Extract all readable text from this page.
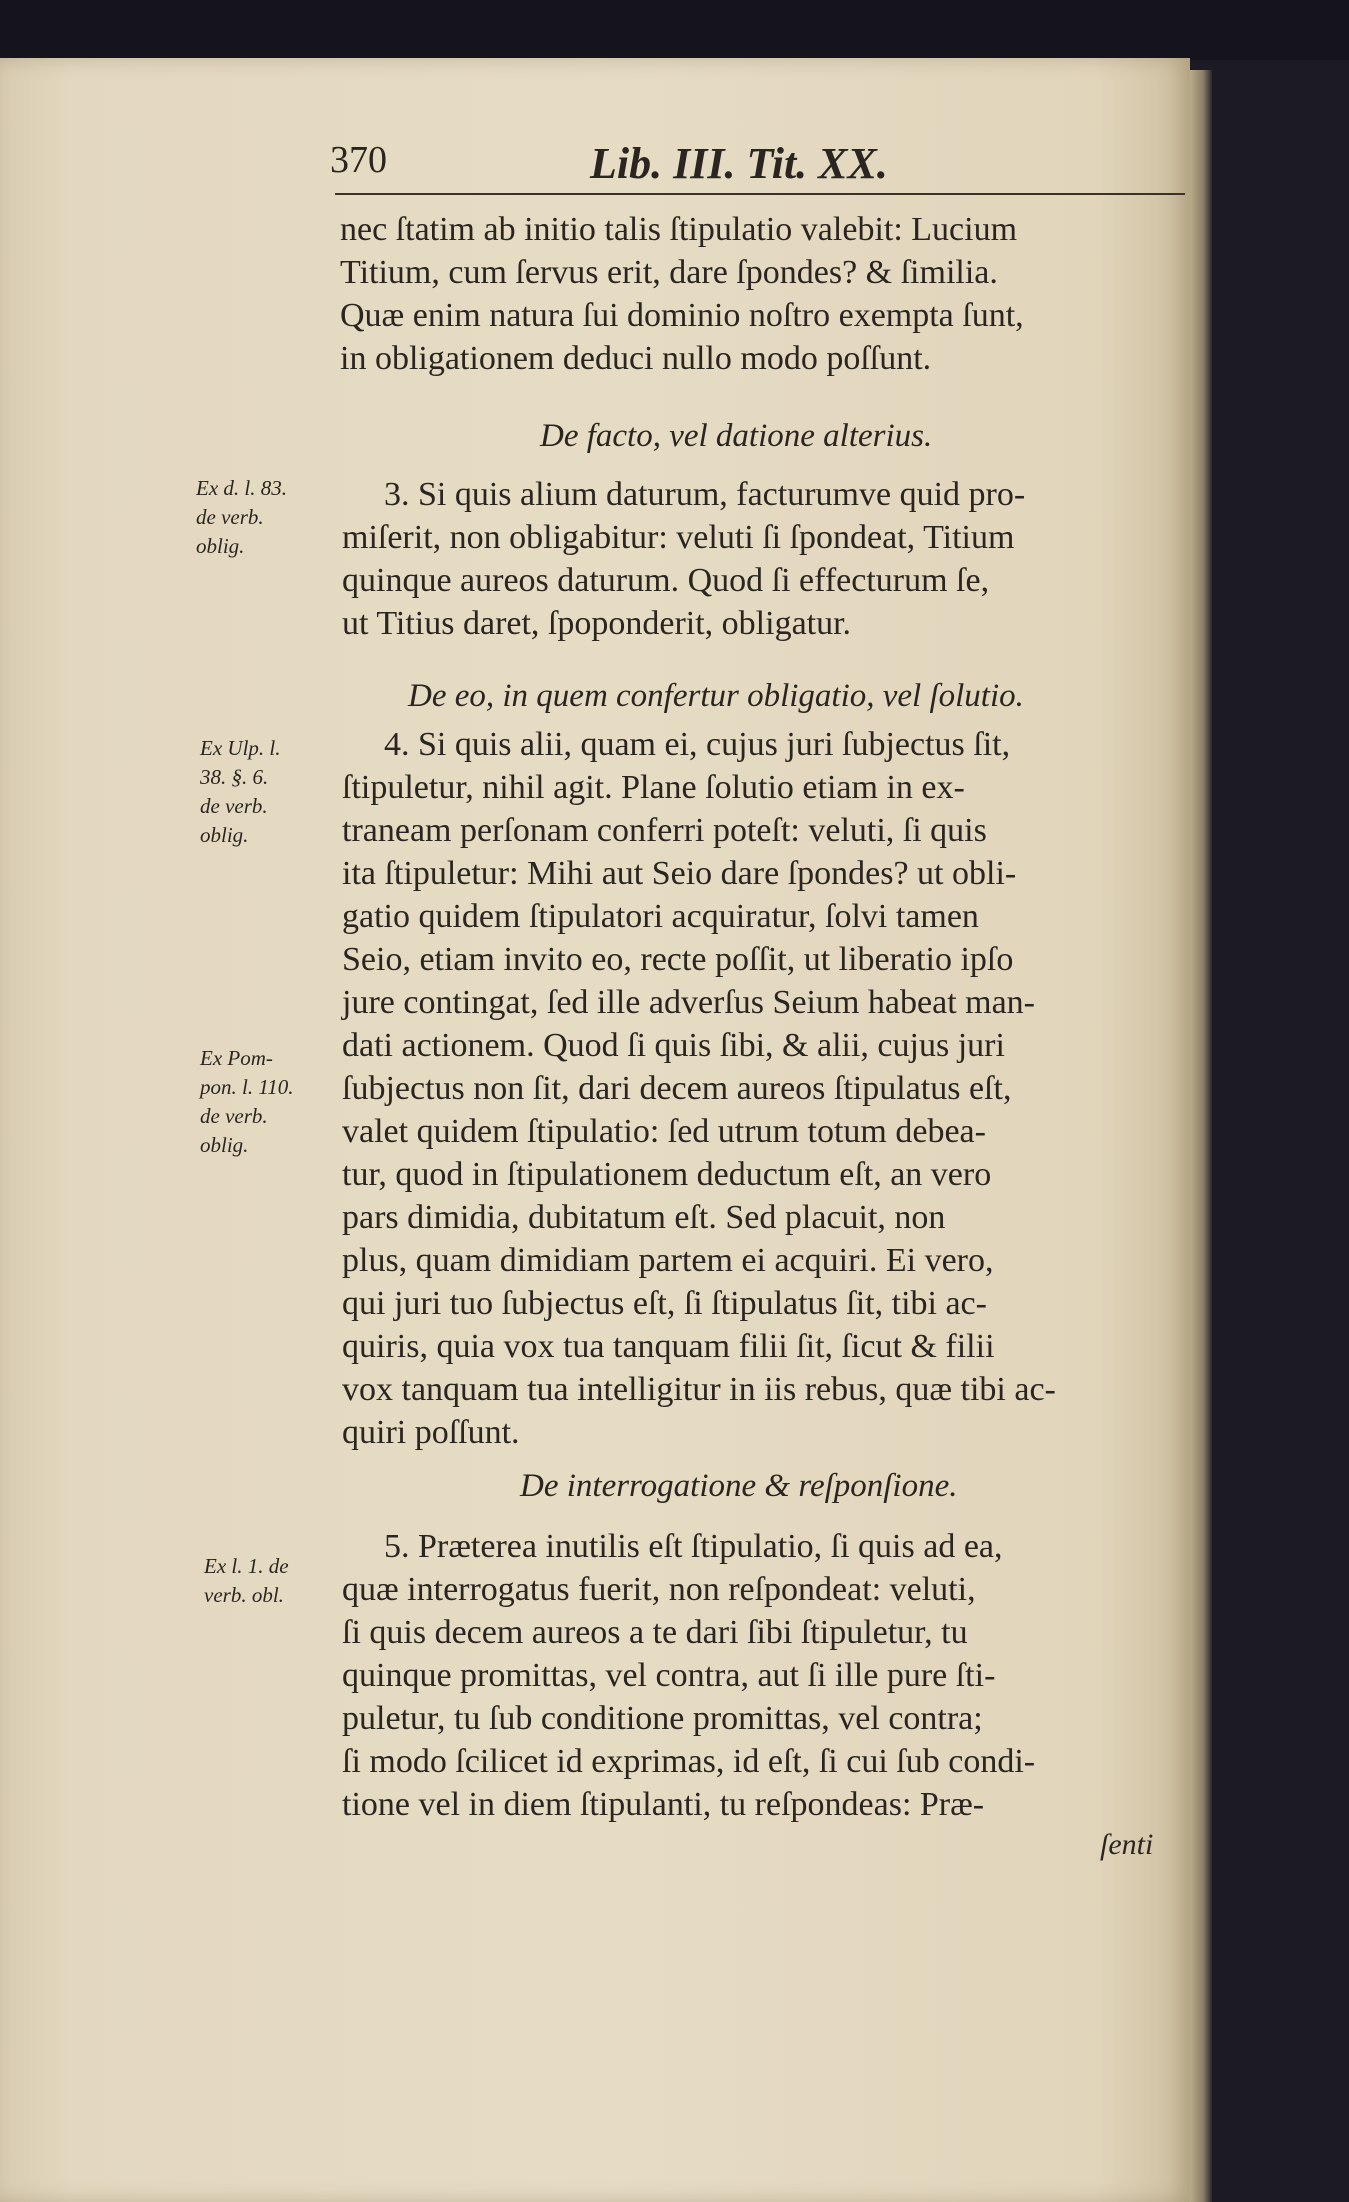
370	Lib. III. Tit. XX.
nec ſtatim ab initio talis ſtipulatio valebit: Lucium
Titium, cum ſervus erit, dare ſpondes? & ſimilia.
Quæ enim natura ſui dominio noſtro exempta ſunt,
in obligationem deduci nullo modo poſſunt.
De facto, vel datione alterius.
Ex d. l. 83.
de verb.
oblig.
3. Si quis alium daturum, facturumve quid pro-
miſerit, non obligabitur: veluti ſi ſpondeat, Titium
quinque aureos daturum. Quod ſi effecturum ſe,
ut Titius daret, ſpoponderit, obligatur.
De eo, in quem confertur obligatio, vel ſolutio.
Ex Ulp. l.
38. §. 6.
de verb.
oblig.
Ex Pom-
pon. l. 110.
de verb.
oblig.
4. Si quis alii, quam ei, cujus juri ſubjectus ſit,
ſtipuletur, nihil agit. Plane ſolutio etiam in ex-
traneam perſonam conferri poteſt: veluti, ſi quis
ita ſtipuletur: Mihi aut Seio dare ſpondes? ut obli-
gatio quidem ſtipulatori acquiratur, ſolvi tamen
Seio, etiam invito eo, recte poſſit, ut liberatio ipſo
jure contingat, ſed ille adverſus Seium habeat man-
dati actionem. Quod ſi quis ſibi, & alii, cujus juri
ſubjectus non ſit, dari decem aureos ſtipulatus eſt,
valet quidem ſtipulatio: ſed utrum totum debea-
tur, quod in ſtipulationem deductum eſt, an vero
pars dimidia, dubitatum eſt. Sed placuit, non
plus, quam dimidiam partem ei acquiri. Ei vero,
qui juri tuo ſubjectus eſt, ſi ſtipulatus ſit, tibi ac-
quiris, quia vox tua tanquam filii ſit, ſicut & filii
vox tanquam tua intelligitur in iis rebus, quæ tibi ac-
quiri poſſunt.
De interrogatione & reſponſione.
Ex l. 1. de
verb. obl.
5. Præterea inutilis eſt ſtipulatio, ſi quis ad ea,
quæ interrogatus fuerit, non reſpondeat: veluti,
ſi quis decem aureos a te dari ſibi ſtipuletur, tu
quinque promittas, vel contra, aut ſi ille pure ſti-
puletur, tu ſub conditione promittas, vel contra;
ſi modo ſcilicet id exprimas, id eſt, ſi cui ſub condi-
tione vel in diem ſtipulanti, tu reſpondeas: Præ-
ſenti
